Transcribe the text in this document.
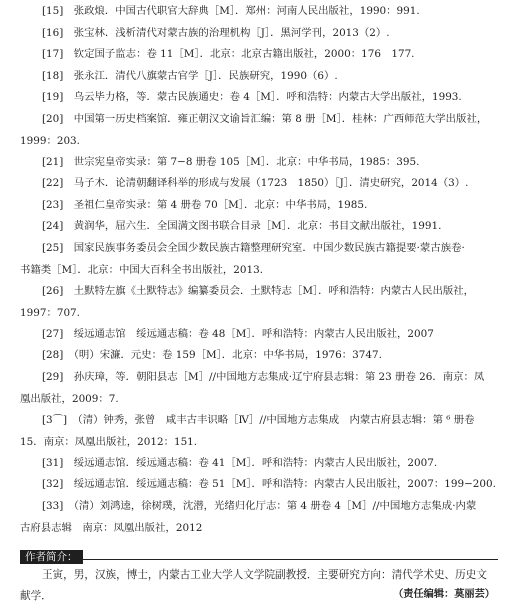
[15]　 张政烺．中国古代职官大辞典［M］．郑州：河南人民出版社，1990：991.
[16]　 张宝林．浅析清代对蒙古族的治理机构［J］．黑河学刊，2013（2）.
[17]　 钦定国子监志：卷 11［M］．北京：北京古籍出版社，2000：176　177.
[18]　 张永江．清代八旗蒙古官学［J］．民族研究，1990（6）.
[19]　 乌云毕力格，等．蒙古民族通史：卷 4［M］．呼和浩特：内蒙古大学出版社，1993.
[20]　 中国第一历史档案馆．雍正朝汉文谕旨汇编：第 8 册［M］．桂林：广西师范大学出版社，
1999：203.
[21]　 世宗宪皇帝实录：第 7−8 册卷 105［M］．北京：中华书局，1985：395.
[22]　 马子木．论清朝翻译科举的形成与发展（1723　1850）［J］．清史研究，2014（3）.
[23]　 圣祖仁皇帝实录：第 4 册卷 70［M］．北京：中华书局，1985.
[24]　 黄润华，屈六生．全国满文图书联合目录［M］．北京：书目文献出版社，1991.
[25]　 国家民族事务委员会全国少数民族古籍整理研究室．中国少数民族古籍提要·蒙古族卷·
书籍类［M］．北京：中国大百科全书出版社，2013.
[26]　 土默特左旗《土默特志》编纂委员会．土默特志［M］．呼和浩特：内蒙古人民出版社，
1997：707.
[27]　 绥远通志馆　绥远通志稿：卷 48［M］．呼和浩特：内蒙古人民出版社，2007
[28]　 （明）宋濂．元史：卷 159［M］．北京：中华书局，1976：3747.
[29]　 孙庆璋，等．朝阳县志［M］//中国地方志集成·辽宁府县志辑：第 23 册卷 26．南京：凤
凰出版社，2009：7.
[3⌒]　 （清）钟秀，张曾　咸丰古丰识略［Ⅳ］//中国地方志集成　内蒙古府县志辑：第 ⁶ 册卷
15．南京：凤凰出版社，2012：151.
[31]　 绥远通志馆．绥远通志稿：卷 41［M］．呼和浩特：内蒙古人民出版社，2007.
[32]　 绥远通志馆．绥远通志稿：卷 51［M］．呼和浩特：内蒙古人民出版社，2007：199−200.
[33]　 （清）刘鸿逵，徐树璞，沈潜，光绪归化厅志：第 4 册卷 4［M］//中国地方志集成·内蒙
古府县志辑　南京：凤凰出版社，2012
作者简介：
王寅，男，汉族，博士，内蒙古工业大学人文学院副教授．主要研究方向：清代学术史、历史文
献学．	（责任编辑：莫丽芸）
